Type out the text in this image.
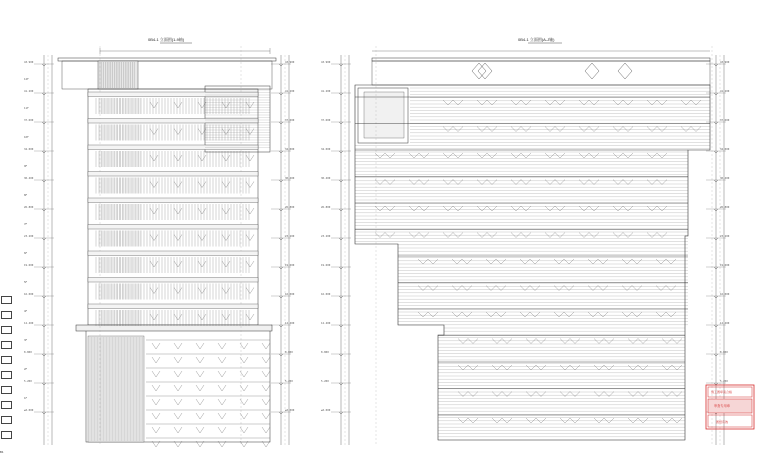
0B4-1 立面图(1-9轴)	0B4-1 立面图(A-J轴)
43.900	43.900	43.900	43.900
41.200	41.200	41.200	41.200
37.600	37.600	37.600	37.600
34.000	34.000	34.000	34.000
30.400	30.400	30.400	30.400
26.800	26.800	26.800	26.800
23.200	23.200	23.200	23.200
19.600	19.600	19.600	19.600
16.000	16.000	16.000	16.000
12.400	12.400	12.400	12.400
8.800	8.800	8.800	8.800
5.200	5.200	5.200	5.200
±0.000	±0.000	±0.000
12F
11F
10F
9F
8F
7F
6F
5F
4F
3F
2F
1F
施工图审查合格
审查专用章
图纸有效
B1
